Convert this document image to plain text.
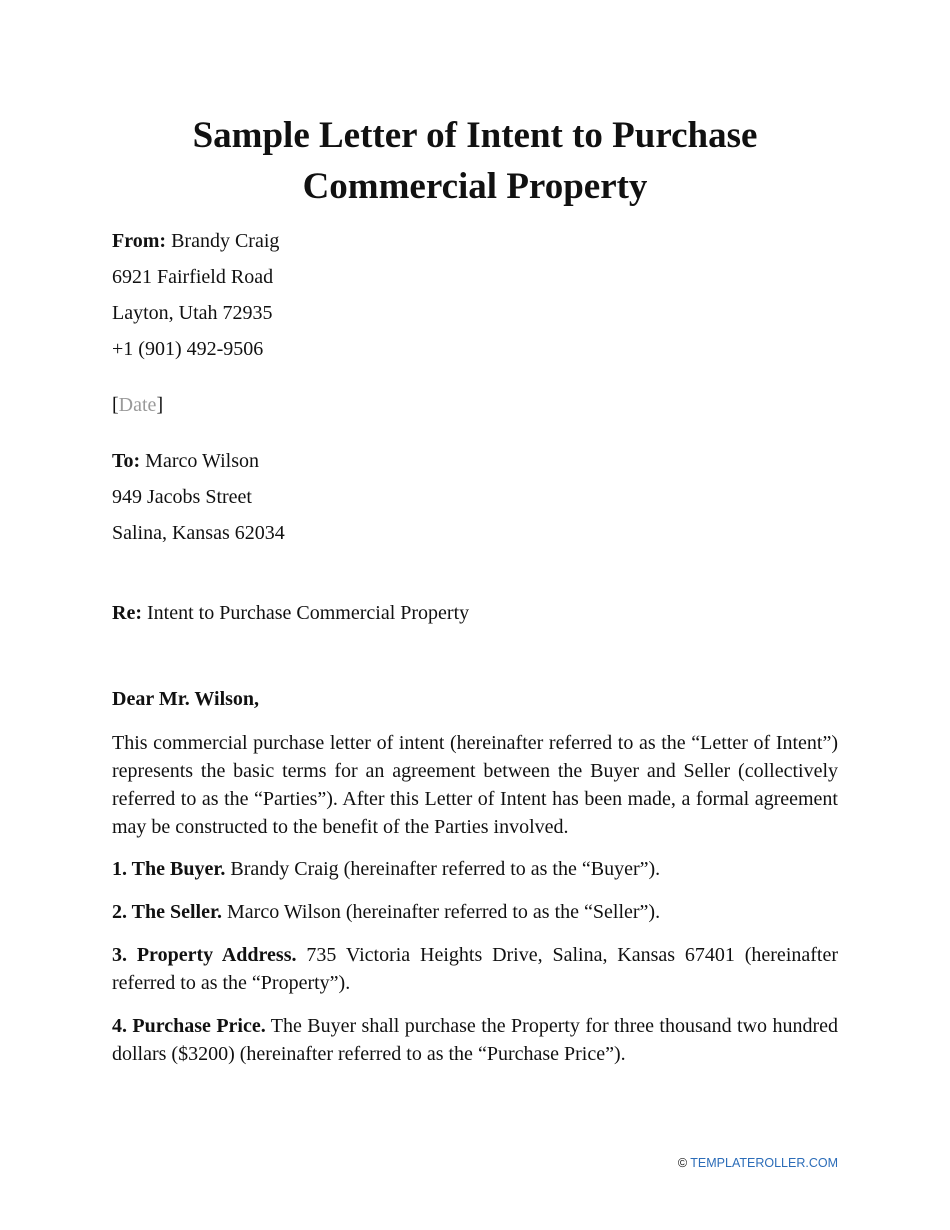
Sample Letter of Intent to Purchase
Commercial Property

From: Brandy Craig

6921 Fairfield Road

Layton, Utah 72935

+1 (901) 492-9506

[Date]

To: Marco Wilson

949 Jacobs Street

Salina, Kansas 62034

Re: Intent to Purchase Commercial Property

Dear Mr. Wilson,

This commercial purchase letter of intent (hereinafter referred to as the “Letter of Intent”) represents the basic terms for an agreement between the Buyer and Seller (collectively referred to as the “Parties”). After this Letter of Intent has been made, a formal agreement may be constructed to the benefit of the Parties involved.

1. The Buyer. Brandy Craig (hereinafter referred to as the “Buyer”).

2. The Seller. Marco Wilson (hereinafter referred to as the “Seller”).

3. Property Address. 735 Victoria Heights Drive, Salina, Kansas 67401 (hereinafter referred to as the “Property”).

4. Purchase Price. The Buyer shall purchase the Property for three thousand two hundred dollars ($3200) (hereinafter referred to as the “Purchase Price”).

© TEMPLATEROLLER.COM
